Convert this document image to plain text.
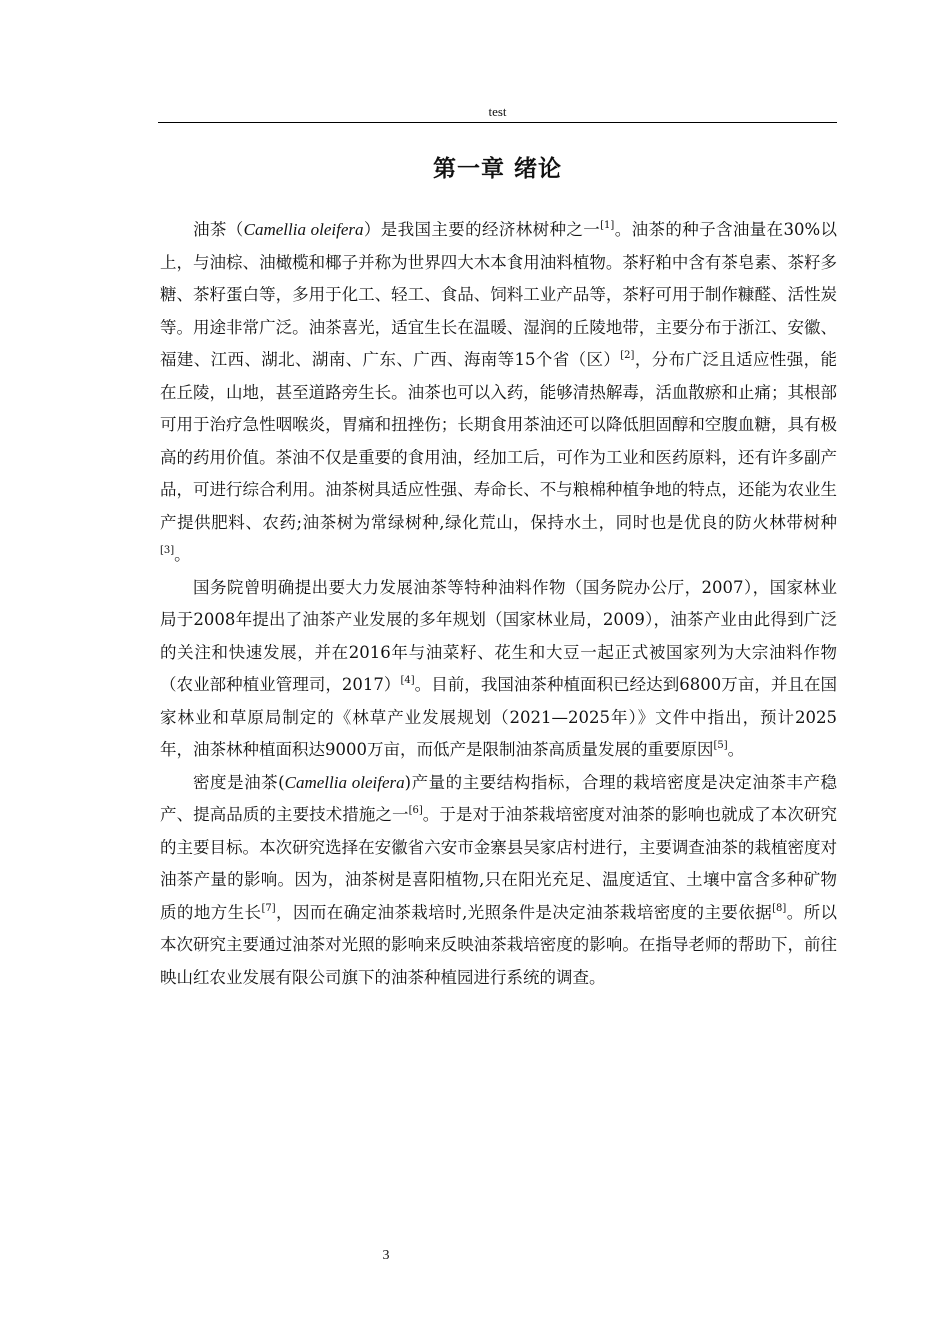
test
第一章 绪论

油茶（Camellia oleifera）是我国主要的经济林树种之一[1]。油茶的种子含油量在30%以上，与油棕、油橄榄和椰子并称为世界四大木本食用油料植物。茶籽粕中含有茶皂素、茶籽多糖、茶籽蛋白等，多用于化工、轻工、食品、饲料工业产品等，茶籽可用于制作糠醛、活性炭等。用途非常广泛。油茶喜光，适宜生长在温暖、湿润的丘陵地带，主要分布于浙江、安徽、福建、江西、湖北、湖南、广东、广西、海南等15个省（区）[2]，分布广泛且适应性强，能在丘陵，山地，甚至道路旁生长。油茶也可以入药，能够清热解毒，活血散瘀和止痛；其根部可用于治疗急性咽喉炎，胃痛和扭挫伤；长期食用茶油还可以降低胆固醇和空腹血糖，具有极高的药用价值。茶油不仅是重要的食用油，经加工后，可作为工业和医药原料，还有许多副产品，可进行综合利用。油茶树具适应性强、寿命长、不与粮棉种植争地的特点，还能为农业生产提供肥料、农药;油茶树为常绿树种,绿化荒山，保持水土，同时也是优良的防火林带树种[3]。

国务院曾明确提出要大力发展油茶等特种油料作物（国务院办公厅，2007），国家林业局于2008年提出了油茶产业发展的多年规划（国家林业局，2009），油茶产业由此得到广泛的关注和快速发展，并在2016年与油菜籽、花生和大豆一起正式被国家列为大宗油料作物（农业部种植业管理司，2017）[4]。目前，我国油茶种植面积已经达到6800万亩，并且在国家林业和草原局制定的《林草产业发展规划（2021—2025年）》文件中指出，预计2025年，油茶林种植面积达9000万亩，而低产是限制油茶高质量发展的重要原因[5]。

密度是油茶(Camellia oleifera)产量的主要结构指标，合理的栽培密度是决定油茶丰产稳产、提高品质的主要技术措施之一[6]。于是对于油茶栽培密度对油茶的影响也就成了本次研究的主要目标。本次研究选择在安徽省六安市金寨县吴家店村进行，主要调查油茶的栽植密度对油茶产量的影响。因为，油茶树是喜阳植物,只在阳光充足、温度适宜、土壤中富含多种矿物质的地方生长[7]，因而在确定油茶栽培时,光照条件是决定油茶栽培密度的主要依据[8]。所以本次研究主要通过油茶对光照的影响来反映油茶栽培密度的影响。在指导老师的帮助下，前往映山红农业发展有限公司旗下的油茶种植园进行系统的调查。

3
